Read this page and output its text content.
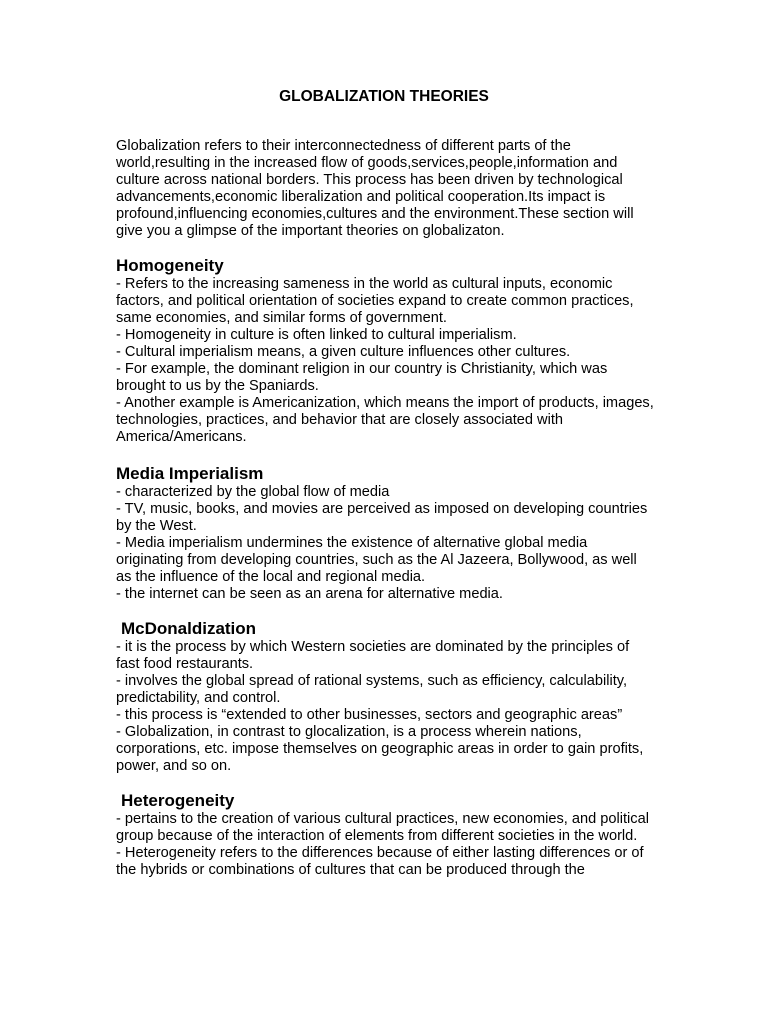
GLOBALIZATION THEORIES

Globalization refers to their interconnectedness of different parts of the world,resulting in the increased flow of goods,services,people,information and culture across national borders. This process has been driven by technological advancements,economic liberalization and political cooperation.Its impact is profound,influencing economies,cultures and the environment.These section will give you a glimpse of the important theories on globalizaton.

Homogeneity

- Refers to the increasing sameness in the world as cultural inputs, economic factors, and political orientation of societies expand to create common practices, same economies, and similar forms of government.

- Homogeneity in culture is often linked to cultural imperialism.

- Cultural imperialism means, a given culture influences other cultures.

- For example, the dominant religion in our country is Christianity, which was brought to us by the Spaniards.

- Another example is Americanization, which means the import of products, images, technologies, practices, and behavior that are closely associated with America/Americans.

Media Imperialism

- characterized by the global flow of media

- TV, music, books, and movies are perceived as imposed on developing countries by the West.

- Media imperialism undermines the existence of alternative global media originating from developing countries, such as the Al Jazeera, Bollywood, as well as the influence of the local and regional media.

- the internet can be seen as an arena for alternative media.

McDonaldization

- it is the process by which Western societies are dominated by the principles of fast food restaurants.

- involves the global spread of rational systems, such as efficiency, calculability, predictability, and control.

- this process is “extended to other businesses, sectors and geographic areas”

- Globalization, in contrast to glocalization, is a process wherein nations, corporations, etc. impose themselves on geographic areas in order to gain profits, power, and so on.

Heterogeneity

- pertains to the creation of various cultural practices, new economies, and political group because of the interaction of elements from different societies in the world.

- Heterogeneity refers to the differences because of either lasting differences or of the hybrids or combinations of cultures that can be produced through the
